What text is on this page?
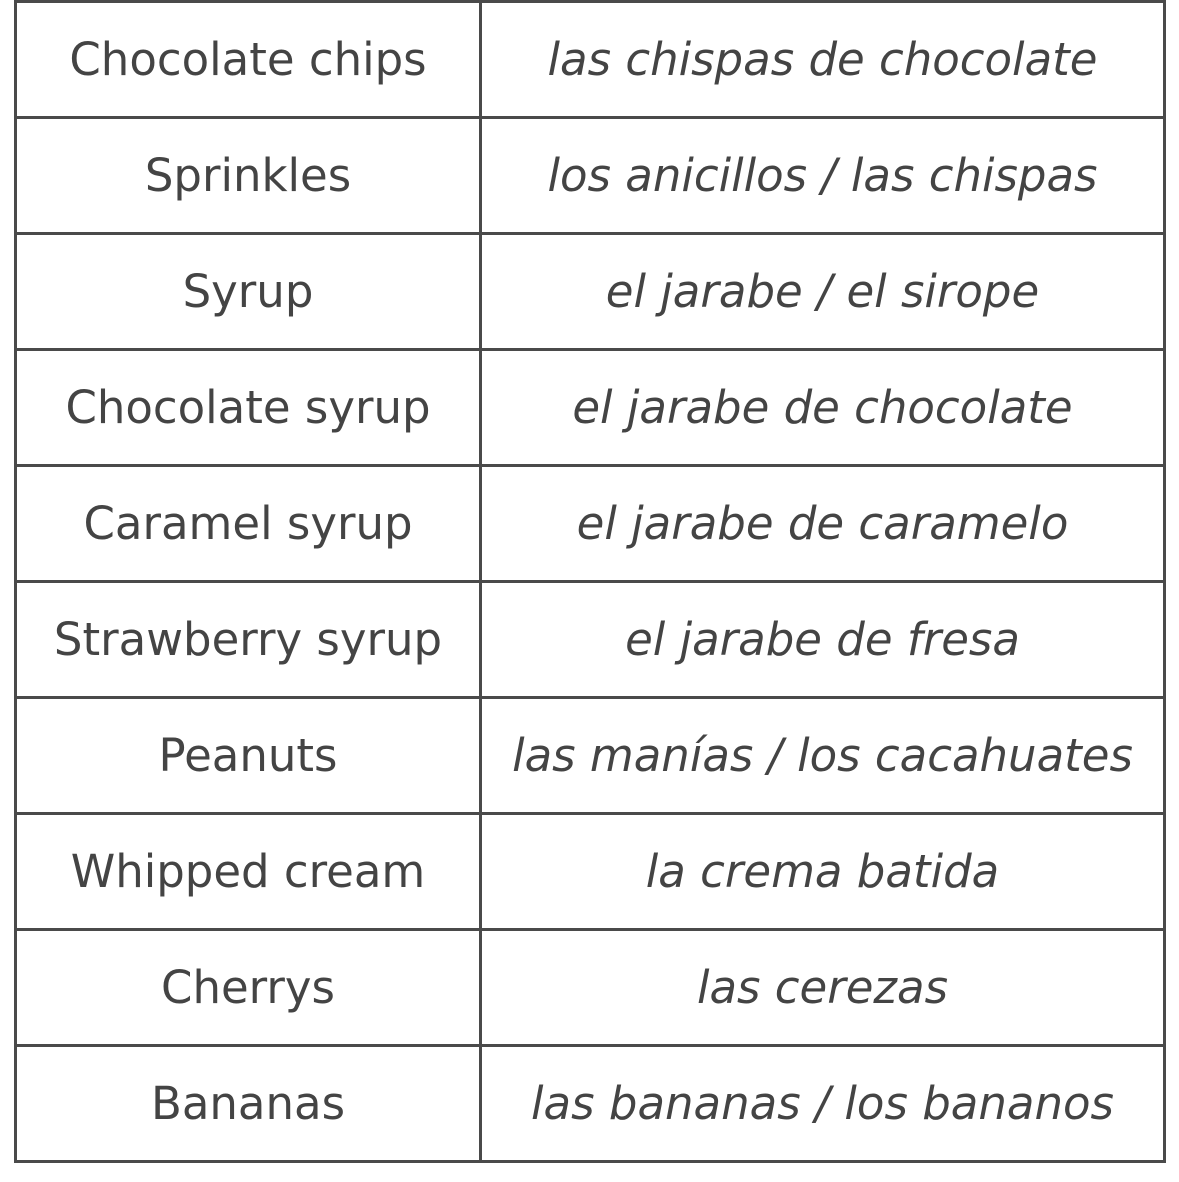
Chocolate chips	las chispas de chocolate
Sprinkles	los anicillos / las chispas
Syrup	el jarabe / el sirope
Chocolate syrup	el jarabe de chocolate
Caramel syrup	el jarabe de caramelo
Strawberry syrup	el jarabe de fresa
Peanuts	las manías / los cacahuates
Whipped cream	la crema batida
Cherrys	las cerezas
Bananas	las bananas / los bananos
